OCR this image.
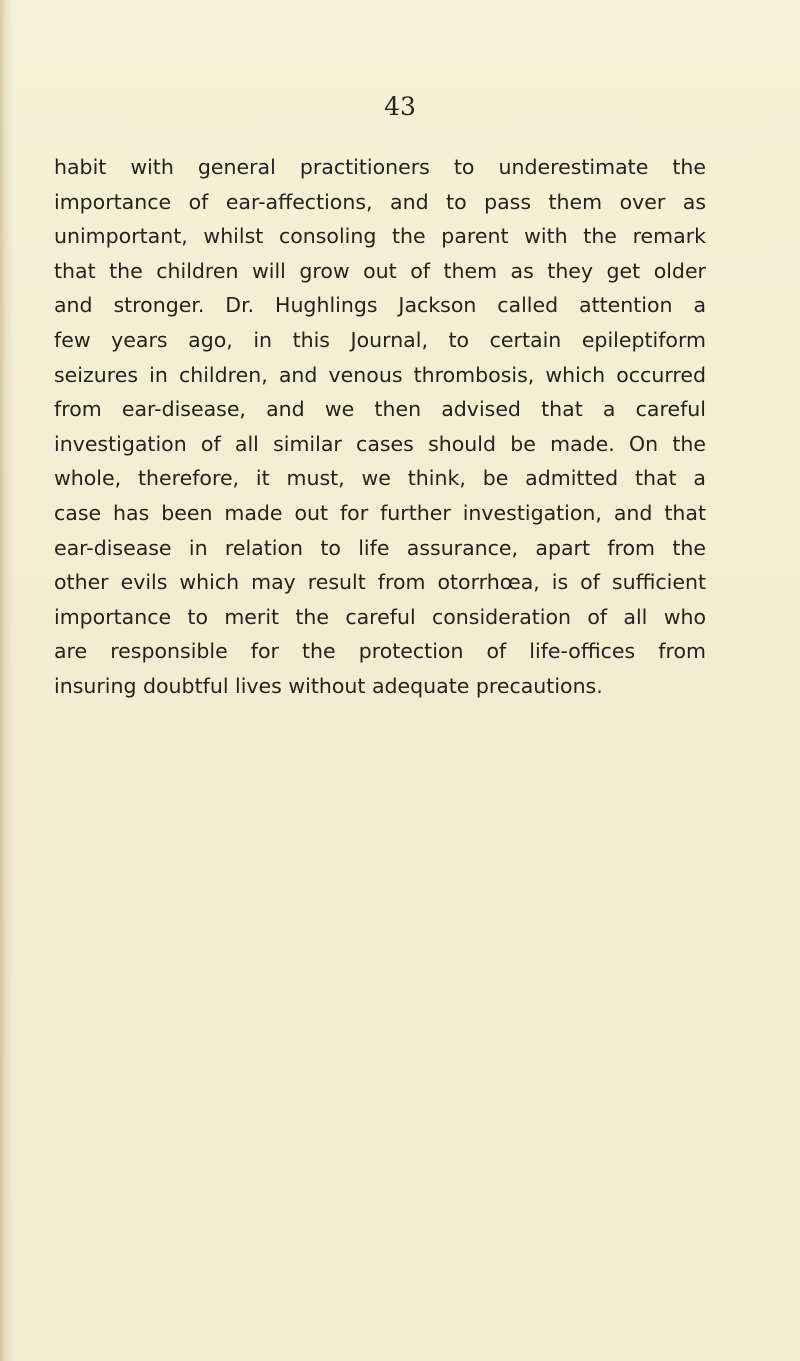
43
habit with general practitioners to underestimate the
importance of ear-affections, and to pass them over as
unimportant, whilst consoling the parent with the remark
that the children will grow out of them as they get older
and stronger. Dr. Hughlings Jackson called attention a
few years ago, in this Journal, to certain epileptiform
seizures in children, and venous thrombosis, which occurred
from ear-disease, and we then advised that a careful
investigation of all similar cases should be made. On the
whole, therefore, it must, we think, be admitted that a
case has been made out for further investigation, and that
ear-disease in relation to life assurance, apart from the
other evils which may result from otorrhœa, is of sufficient
importance to merit the careful consideration of all who
are responsible for the protection of life-offices from
insuring doubtful lives without adequate precautions.
